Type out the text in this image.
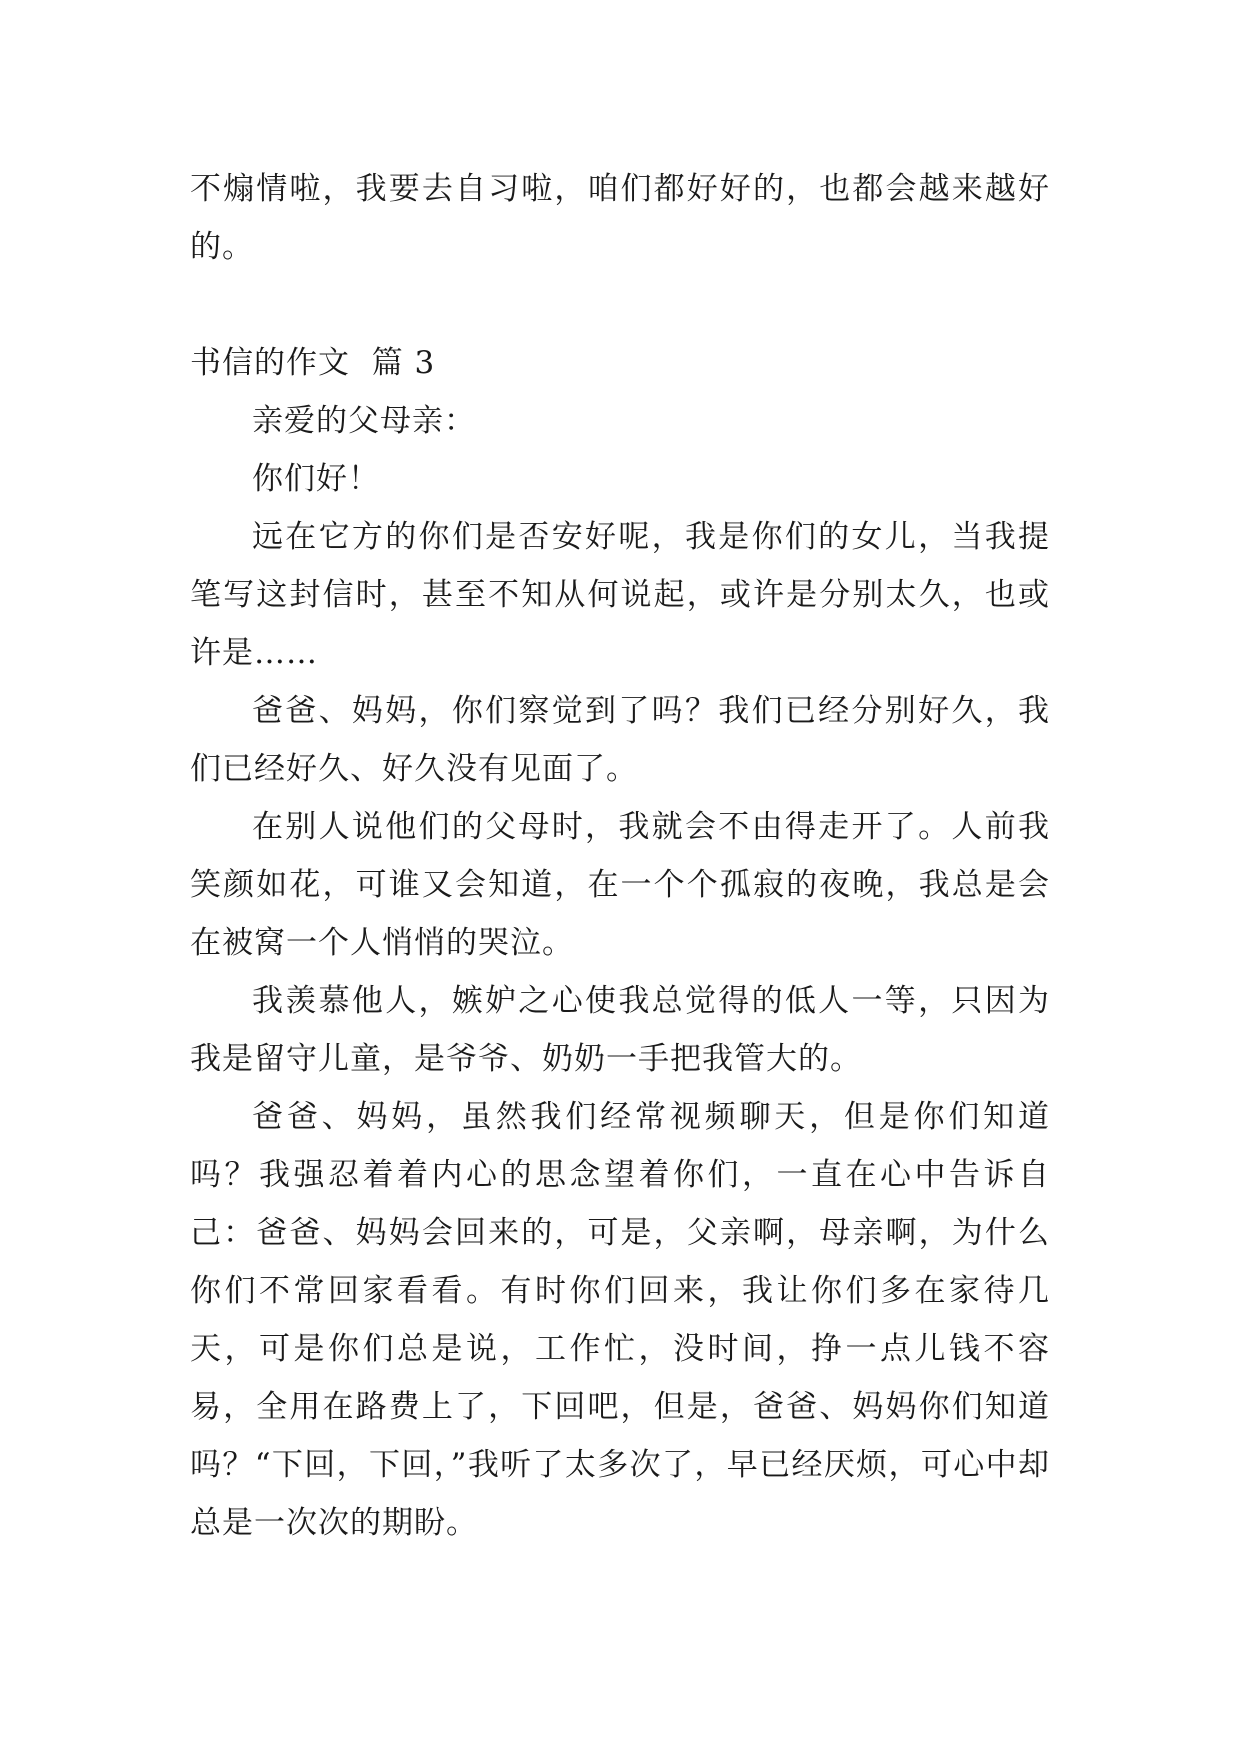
不煽情啦，我要去自习啦，咱们都好好的，也都会越来越好的。

书信的作文  篇 3

亲爱的父母亲：

你们好！

远在它方的你们是否安好呢，我是你们的女儿，当我提笔写这封信时，甚至不知从何说起，或许是分别太久，也或许是……

爸爸、妈妈，你们察觉到了吗？我们已经分别好久，我们已经好久、好久没有见面了。

在别人说他们的父母时，我就会不由得走开了。人前我笑颜如花，可谁又会知道，在一个个孤寂的夜晚，我总是会在被窝一个人悄悄的哭泣。

我羡慕他人，嫉妒之心使我总觉得的低人一等，只因为我是留守儿童，是爷爷、奶奶一手把我管大的。

爸爸、妈妈，虽然我们经常视频聊天，但是你们知道吗？我强忍着着内心的思念望着你们，一直在心中告诉自己：爸爸、妈妈会回来的，可是，父亲啊，母亲啊，为什么你们不常回家看看。有时你们回来，我让你们多在家待几天，可是你们总是说，工作忙，没时间，挣一点儿钱不容易，全用在路费上了，下回吧，但是，爸爸、妈妈你们知道吗？“下回，下回，”我听了太多次了，早已经厌烦，可心中却总是一次次的期盼。
